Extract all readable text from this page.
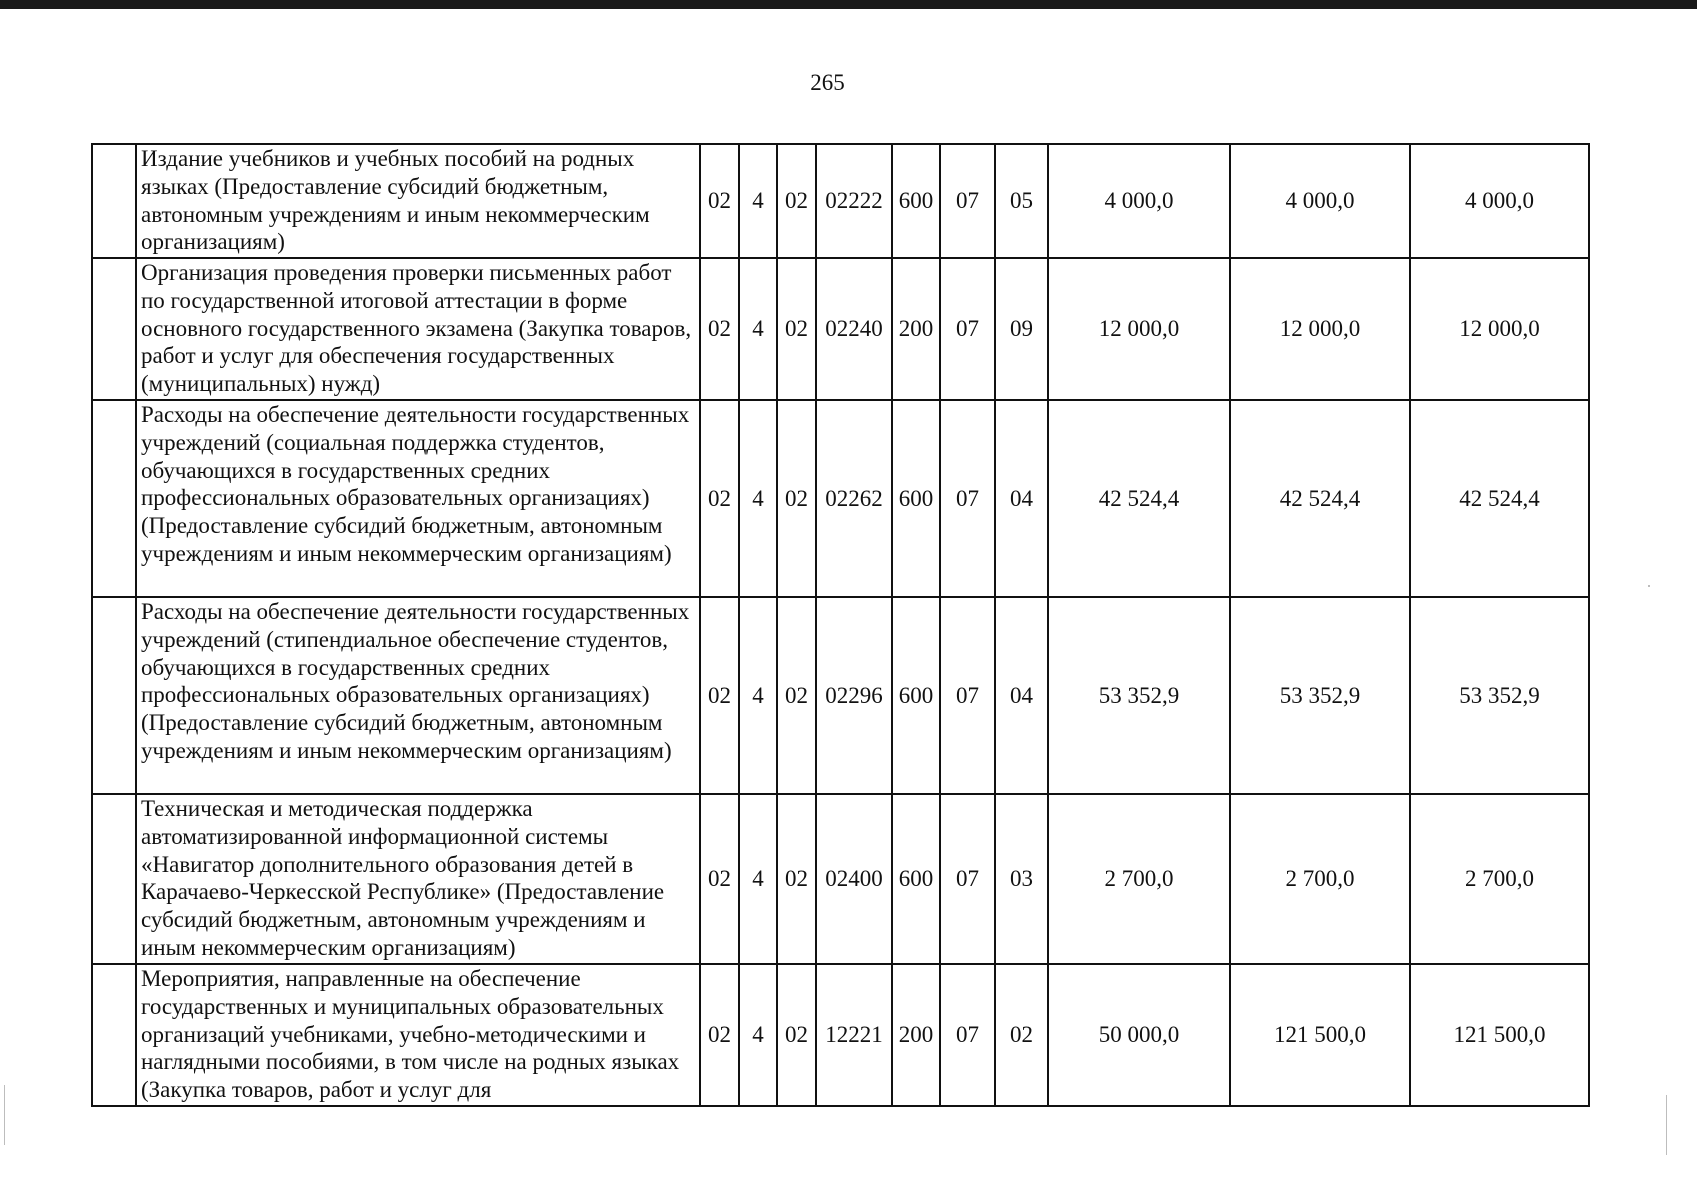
265
	Издание учебников и учебных пособий на родных языках (Предоставление субсидий бюджетным, автономным учреждениям и иным некоммерческим организациям)	02	4	02	02222	600	07	05	4 000,0	4 000,0	4 000,0
	Организация проведения проверки письменных работ по государственной итоговой аттестации в форме основного государственного экзамена (Закупка товаров, работ и услуг для обеспечения государственных (муниципальных) нужд)	02	4	02	02240	200	07	09	12 000,0	12 000,0	12 000,0
	Расходы на обеспечение деятельности государственных учреждений (социальная поддержка студентов, обучающихся в государственных средних профессиональных образовательных организациях) (Предоставление субсидий бюджетным, автономным учреждениям и иным некоммерческим организациям)	02	4	02	02262	600	07	04	42 524,4	42 524,4	42 524,4
	Расходы на обеспечение деятельности государственных учреждений (стипендиальное обеспечение студентов, обучающихся в государственных средних профессиональных образовательных организациях) (Предоставление субсидий бюджетным, автономным учреждениям и иным некоммерческим организациям)	02	4	02	02296	600	07	04	53 352,9	53 352,9	53 352,9
	Техническая и методическая поддержка автоматизированной информационной системы «Навигатор дополнительного образования детей в Карачаево-Черкесской Республике» (Предоставление субсидий бюджетным, автономным учреждениям и иным некоммерческим организациям)	02	4	02	02400	600	07	03	2 700,0	2 700,0	2 700,0
	Мероприятия, направленные на обеспечение государственных и муниципальных образовательных организаций учебниками, учебно-методическими и наглядными пособиями, в том числе на родных языках (Закупка товаров, работ и услуг для	02	4	02	12221	200	07	02	50 000,0	121 500,0	121 500,0
